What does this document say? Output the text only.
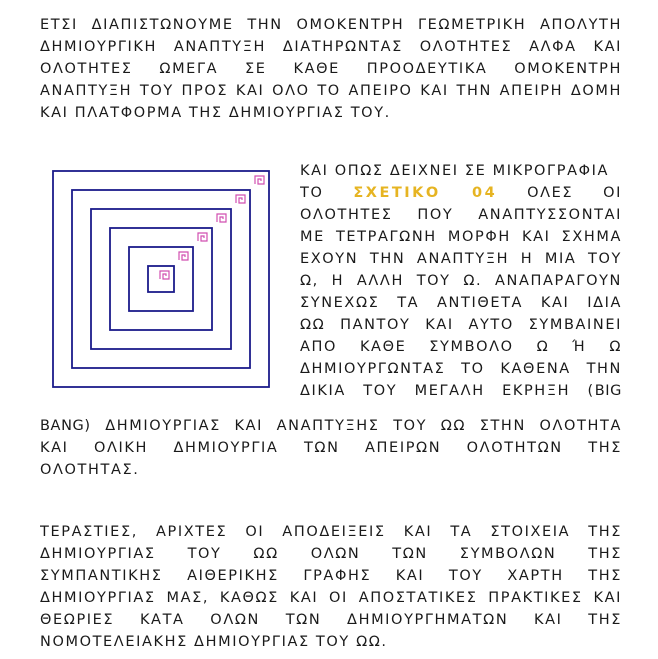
ΕΤΣΙ ΔΙΑΠΙΣΤΩΝΟΥΜΕ ΤΗΝ ΟΜΟΚΕΝΤΡΗ ΓΕΩΜΕΤΡΙΚΗ ΑΠΟΛΥΤΗ
ΔΗΜΙΟΥΡΓΙΚΗ ΑΝΑΠΤΥΞΗ ΔΙΑΤΗΡΩΝΤΑΣ ΟΛΟΤΗΤΕΣ ΑΛΦΑ ΚΑΙ
ΟΛΟΤΗΤΕΣ ΩΜΕΓΑ ΣΕ ΚΑΘΕ ΠΡΟΟΔΕΥΤΙΚΑ ΟΜΟΚΕΝΤΡΗ
ΑΝΑΠΤΥΞΗ ΤΟΥ ΠΡΟΣ ΚΑΙ ΟΛΟ ΤΟ ΑΠΕΙΡΟ ΚΑΙ ΤΗΝ ΑΠΕΙΡΗ ΔΟΜΗ
ΚΑΙ ΠΛΑΤΦΟΡΜΑ ΤΗΣ ΔΗΜΙΟΥΡΓΙΑΣ ΤΟΥ.
ΚΑΙ ΟΠΩΣ ΔΕΙΧΝΕΙ ΣΕ ΜΙΚΡΟΓΡΑΦΙΑ
ΤΟ ΣΧΕΤΙΚΟ 04 ΟΛΕΣ ΟΙ
ΟΛΟΤΗΤΕΣ ΠΟΥ ΑΝΑΠΤΥΣΣΟΝΤΑΙ
ΜΕ ΤΕΤΡΑΓΩΝΗ ΜΟΡΦΗ ΚΑΙ ΣΧΗΜΑ
ΕΧΟΥΝ ΤΗΝ ΑΝΑΠΤΥΞΗ Η ΜΙΑ ΤΟΥ
Ω, Η ΑΛΛΗ ΤΟΥ Ω. ΑΝΑΠΑΡΑΓΟΥΝ
ΣΥΝΕΧΩΣ ΤΑ ΑΝΤΙΘΕΤΑ ΚΑΙ ΙΔΙΑ
ΩΩ ΠΑΝΤΟΥ ΚΑΙ ΑΥΤΟ ΣΥΜΒΑΙΝΕΙ
ΑΠΟ ΚΑΘΕ ΣΥΜΒΟΛΟ Ω Ή Ω
ΔΗΜΙΟΥΡΓΩΝΤΑΣ ΤΟ ΚΑΘΕΝΑ ΤΗΝ
ΔΙΚΙΑ ΤΟΥ ΜΕΓΑΛΗ ΕΚΡΗΞΗ (BIG
BANG) ΔΗΜΙΟΥΡΓΙΑΣ ΚΑΙ ΑΝΑΠΤΥΞΗΣ ΤΟΥ ΩΩ ΣΤΗΝ ΟΛΟΤΗΤΑ
ΚΑΙ ΟΛΙΚΗ ΔΗΜΙΟΥΡΓΙΑ ΤΩΝ ΑΠΕΙΡΩΝ ΟΛΟΤΗΤΩΝ ΤΗΣ
ΟΛΟΤΗΤΑΣ.
ΤΕΡΑΣΤΙΕΣ, ΑΡΙΧΤΕΣ ΟΙ ΑΠΟΔΕΙΞΕΙΣ ΚΑΙ ΤΑ ΣΤΟΙΧΕΙΑ ΤΗΣ
ΔΗΜΙΟΥΡΓΙΑΣ ΤΟΥ ΩΩ ΟΛΩΝ ΤΩΝ ΣΥΜΒΟΛΩΝ ΤΗΣ
ΣΥΜΠΑΝΤΙΚΗΣ ΑΙΘΕΡΙΚΗΣ ΓΡΑΦΗΣ ΚΑΙ ΤΟΥ ΧΑΡΤΗ ΤΗΣ
ΔΗΜΙΟΥΡΓΙΑΣ ΜΑΣ, ΚΑΘΩΣ ΚΑΙ ΟΙ ΑΠΟΣΤΑΤΙΚΕΣ ΠΡΑΚΤΙΚΕΣ ΚΑΙ
ΘΕΩΡΙΕΣ ΚΑΤΑ ΟΛΩΝ ΤΩΝ ΔΗΜΙΟΥΡΓΗΜΑΤΩΝ ΚΑΙ ΤΗΣ
ΝΟΜΟΤΕΛΕΙΑΚΗΣ ΔΗΜΙΟΥΡΓΙΑΣ ΤΟΥ ΩΩ.
